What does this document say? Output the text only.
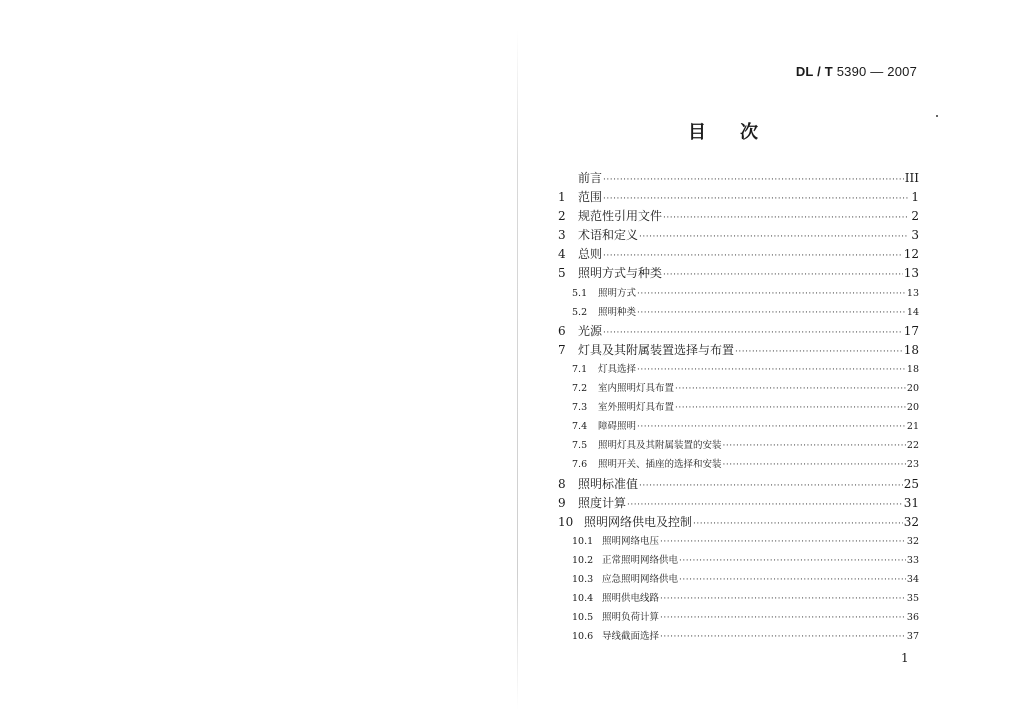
DL / T 5390 — 2007
目次
前言 ·····	III
1	范围 ·····	1
2	规范性引用文件 ·····	2
3	术语和定义 ·····	3
4	总则 ·····	12
5	照明方式与种类 ·····	13
5.1	照明方式 ·····	13
5.2	照明种类 ·····	14
6	光源 ·····	17
7	灯具及其附属装置选择与布置 ·····	18
7.1	灯具选择 ·····	18
7.2	室内照明灯具布置 ·····	20
7.3	室外照明灯具布置 ·····	20
7.4	障碍照明 ·····	21
7.5	照明灯具及其附属装置的安装 ·····	22
7.6	照明开关、插座的选择和安装 ·····	23
8	照明标准值 ·····	25
9	照度计算 ·····	31
10 照明网络供电及控制 ·····	32
10.1 照明网络电压 ·····	32
10.2 正常照明网络供电 ·····	33
10.3 应急照明网络供电 ·····	34
10.4 照明供电线路 ·····	35
10.5 照明负荷计算 ·····	36
10.6 导线截面选择 ·····	37
1
